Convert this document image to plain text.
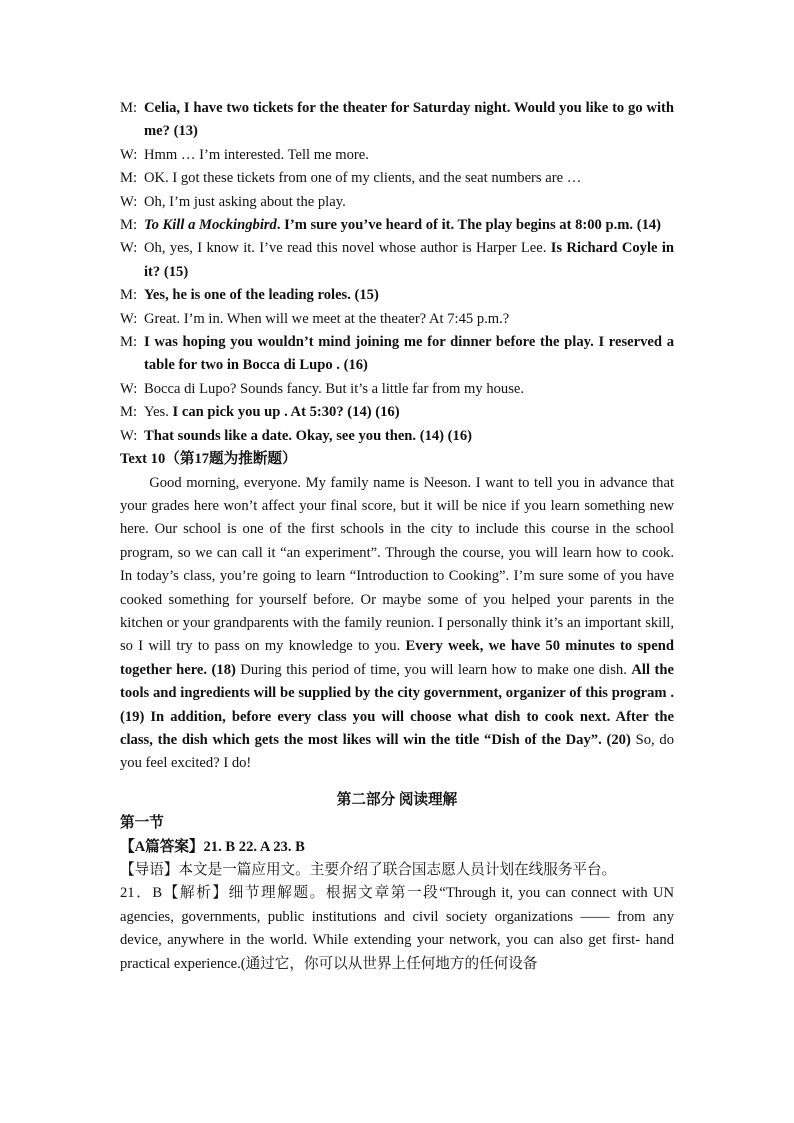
M: Celia, I have two tickets for the theater for Saturday night. Would you like to go with me? (13)
W: Hmm … I’m interested. Tell me more.
M: OK. I got these tickets from one of my clients, and the seat numbers are …
W: Oh, I’m just asking about the play.
M: To Kill a Mockingbird. I’m sure you’ve heard of it. The play begins at 8:00 p.m. (14)
W: Oh, yes, I know it. I’ve read this novel whose author is Harper Lee. Is Richard Coyle in it? (15)
M: Yes, he is one of the leading roles. (15)
W: Great. I’m in. When will we meet at the theater? At 7:45 p.m.?
M: I was hoping you wouldn’t mind joining me for dinner before the play. I reserved a table for two in Bocca di Lupo . (16)
W: Bocca di Lupo? Sounds fancy. But it’s a little far from my house.
M: Yes. I can pick you up . At 5:30? (14) (16)
W: That sounds like a date. Okay, see you then. (14) (16)
Text 10（第17题为推断题）
Good morning, everyone. My family name is Neeson. I want to tell you in advance that your grades here won’t affect your final score, but it will be nice if you learn something new here. Our school is one of the first schools in the city to include this course in the school program, so we can call it “an experiment”. Through the course, you will learn how to cook. In today’s class, you’re going to learn “Introduction to Cooking”. I’m sure some of you have cooked something for yourself before. Or maybe some of you helped your parents in the kitchen or your grandparents with the family reunion. I personally think it’s an important skill, so I will try to pass on my knowledge to you. Every week, we have 50 minutes to spend together here. (18) During this period of time, you will learn how to make one dish. All the tools and ingredients will be supplied by the city government, organizer of this program . (19) In addition, before every class you will choose what dish to cook next. After the class, the dish which gets the most likes will win the title “Dish of the Day”. (20) So, do you feel excited? I do!
第二部分 阅读理解
第一节
【A篇答案】21. B 22. A 23. B
【导语】本文是一篇应用文。主要介绍了联合国志愿人员计划在线服务平台。
21．B【解析】细节理解题。根据文章第一段“Through it, you can connect with UN agencies, governments, public institutions and civil society organizations —— from any device, anywhere in the world. While extending your network, you can also get first- hand practical experience.(通过它，你可以从世界上任何地方的任何设备
